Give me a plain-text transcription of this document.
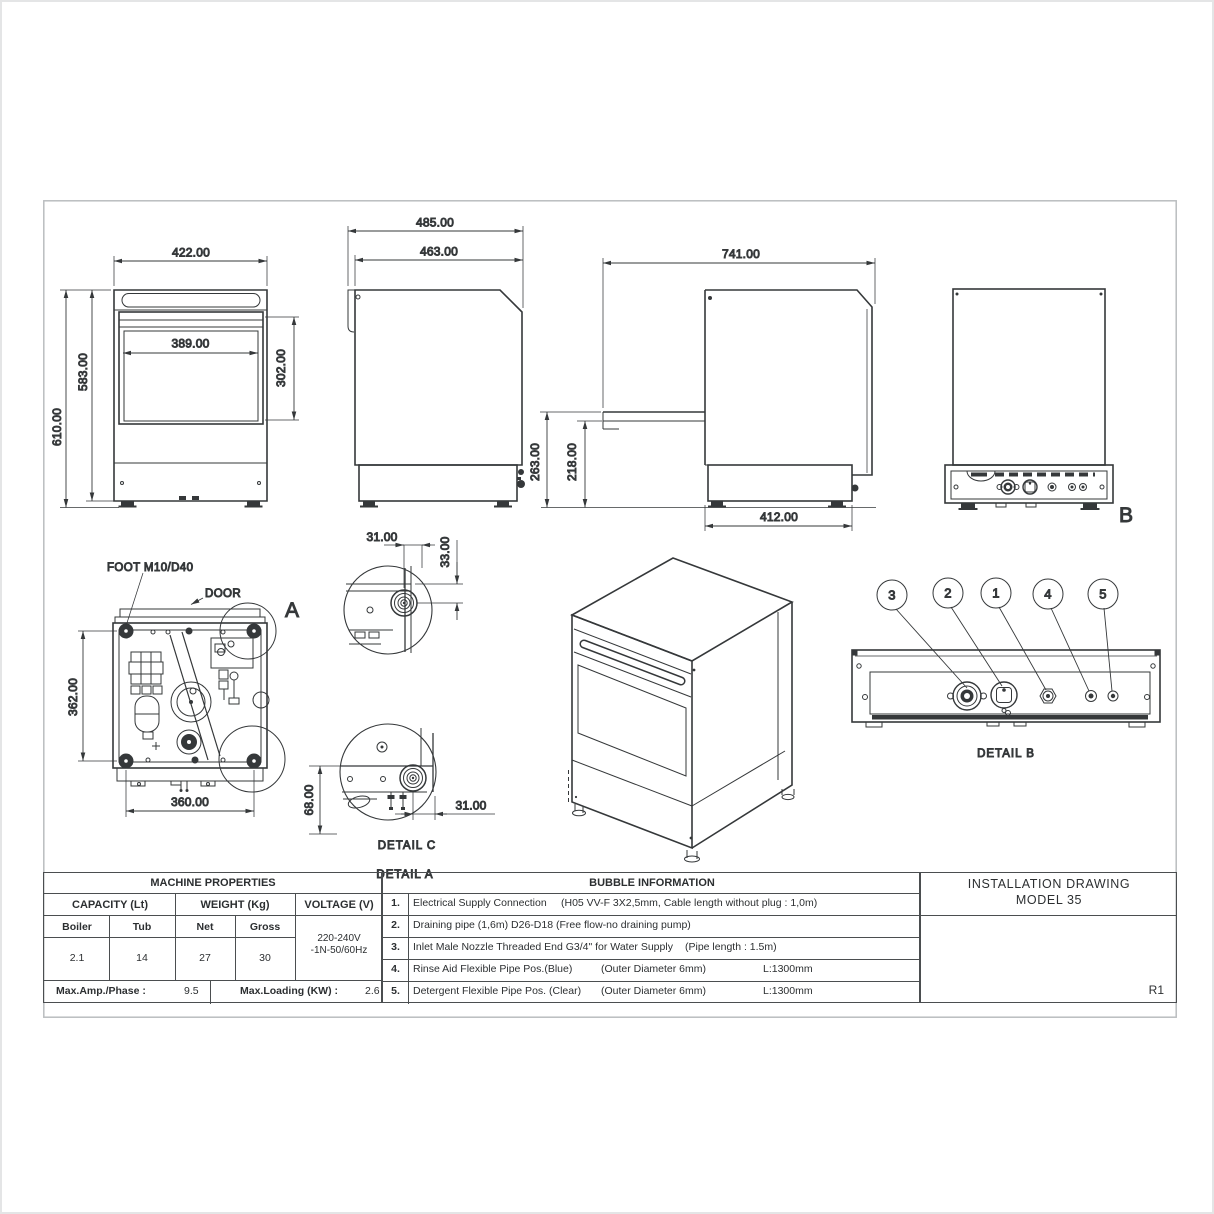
422.00
389.00
302.00
583.00
610.00
485.00
463.00	741.00
412.00
263.00 218.00
B
FOOT M10/D40
DOOR
A
362.00
360.00
31.00	33.00
DETAIL A
68.00	31.00
DETAIL C
3	2	1	4	5
DETAIL B
MACHINE PROPERTIES
CAPACITY (Lt)	WEIGHT (Kg)	VOLTAGE (V)
Boiler	Tub	Net	Gross
2.1	14	27	30
220-240V
-1N-50/60Hz
Max.Amp./Phase :	9.5	Max.Loading (KW) :	2.6
BUBBLE INFORMATION
1. Electrical Supply Connection (H05 VV-F 3X2,5mm, Cable length without plug : 1,0m)
2. Draining pipe (1,6m) D26-D18 (Free flow-no draining pump)
3. Inlet Male Nozzle Threaded End G3/4" for Water Supply (Pipe length : 1.5m)
4. Rinse Aid Flexible Pipe Pos.(Blue)	(Outer Diameter 6mm)	L:1300mm
5. Detergent Flexible Pipe Pos. (Clear) (Outer Diameter 6mm)	L:1300mm
INSTALLATION DRAWING
MODEL 35
R1
